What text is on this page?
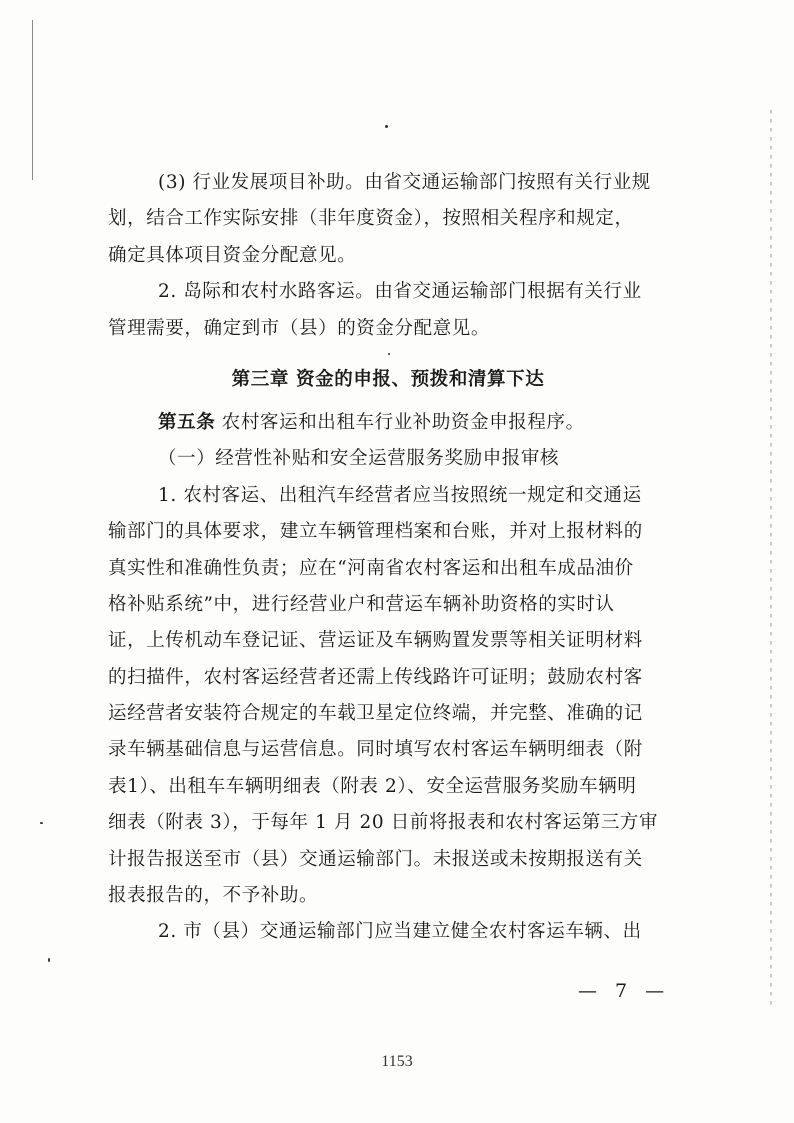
(3) 行业发展项目补助。由省交通运输部门按照有关行业规
划，结合工作实际安排（非年度资金），按照相关程序和规定，
确定具体项目资金分配意见。
2. 岛际和农村水路客运。由省交通运输部门根据有关行业
管理需要，确定到市（县）的资金分配意见。
第三章 资金的申报、预拨和清算下达
第五条 农村客运和出租车行业补助资金申报程序。
（一）经营性补贴和安全运营服务奖励申报审核
1. 农村客运、出租汽车经营者应当按照统一规定和交通运
输部门的具体要求，建立车辆管理档案和台账，并对上报材料的
真实性和准确性负责；应在“河南省农村客运和出租车成品油价
格补贴系统”中，进行经营业户和营运车辆补助资格的实时认
证，上传机动车登记证、营运证及车辆购置发票等相关证明材料
的扫描件，农村客运经营者还需上传线路许可证明；鼓励农村客
运经营者安装符合规定的车载卫星定位终端，并完整、准确的记
录车辆基础信息与运营信息。同时填写农村客运车辆明细表（附
表1）、出租车车辆明细表（附表 2）、安全运营服务奖励车辆明
细表（附表 3），于每年 1 月 20 日前将报表和农村客运第三方审
计报告报送至市（县）交通运输部门。未报送或未按期报送有关
报表报告的，不予补助。
2. 市（县）交通运输部门应当建立健全农村客运车辆、出
— 7 —
1153
